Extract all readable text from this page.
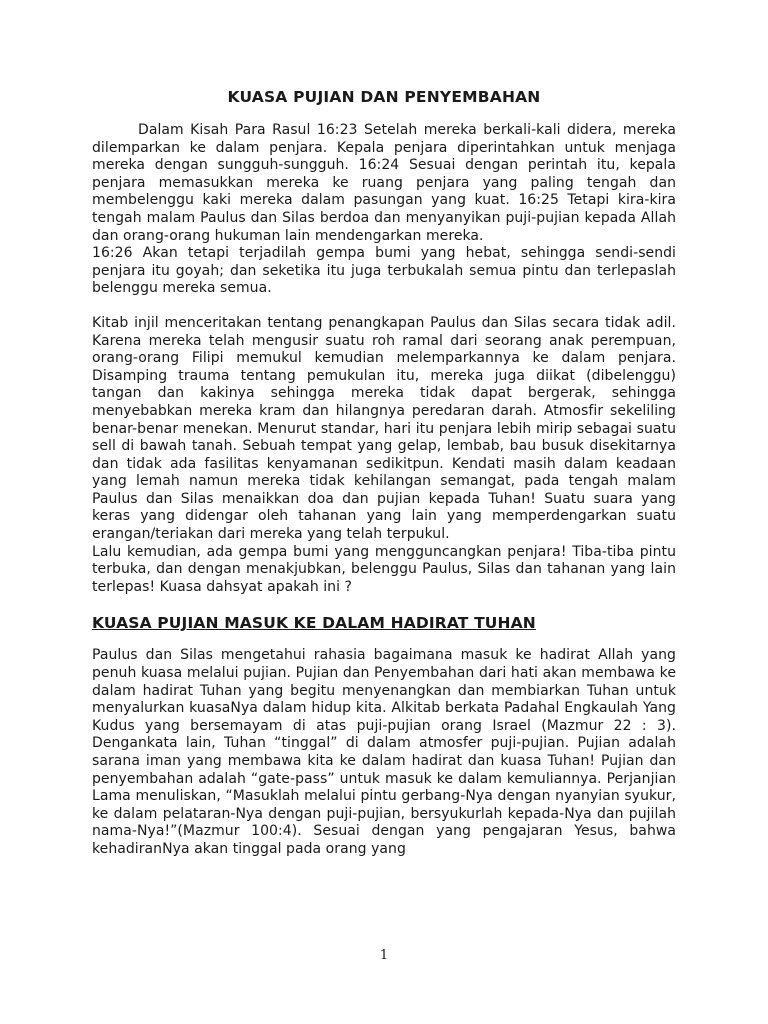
KUASA PUJIAN DAN PENYEMBAHAN

Dalam Kisah Para Rasul 16:23 Setelah mereka berkali-kali didera, mereka dilemparkan ke dalam penjara. Kepala penjara diperintahkan untuk menjaga mereka dengan sungguh-sungguh. 16:24 Sesuai dengan perintah itu, kepala penjara memasukkan mereka ke ruang penjara yang paling tengah dan membelenggu kaki mereka dalam pasungan yang kuat. 16:25 Tetapi kira-kira tengah malam Paulus dan Silas berdoa dan menyanyikan puji-pujian kepada Allah dan orang-orang hukuman lain mendengarkan mereka.

16:26 Akan tetapi terjadilah gempa bumi yang hebat, sehingga sendi-sendi penjara itu goyah; dan seketika itu juga terbukalah semua pintu dan terlepaslah belenggu mereka semua.

Kitab injil menceritakan tentang penangkapan Paulus dan Silas secara tidak adil. Karena mereka telah mengusir suatu roh ramal dari seorang anak perempuan, orang-orang Filipi memukul kemudian melemparkannya ke dalam penjara. Disamping trauma tentang pemukulan itu, mereka juga diikat (dibelenggu) tangan dan kakinya sehingga mereka tidak dapat bergerak, sehingga menyebabkan mereka kram dan hilangnya peredaran darah. Atmosfir sekeliling benar-benar menekan. Menurut standar, hari itu penjara lebih mirip sebagai suatu sell di bawah tanah. Sebuah tempat yang gelap, lembab, bau busuk disekitarnya dan tidak ada fasilitas kenyamanan sedikitpun. Kendati masih dalam keadaan yang lemah namun mereka tidak kehilangan semangat, pada tengah malam Paulus dan Silas menaikkan doa dan pujian kepada Tuhan! Suatu suara yang keras yang didengar oleh tahanan yang lain yang memperdengarkan suatu erangan/teriakan dari mereka yang telah terpukul.

Lalu kemudian, ada gempa bumi yang mengguncangkan penjara! Tiba-tiba pintu terbuka, dan dengan menakjubkan, belenggu Paulus, Silas dan tahanan yang lain terlepas! Kuasa dahsyat apakah ini ?

KUASA PUJIAN MASUK KE DALAM HADIRAT TUHAN

Paulus dan Silas mengetahui rahasia bagaimana masuk ke hadirat Allah yang penuh kuasa melalui pujian. Pujian dan Penyembahan dari hati akan membawa ke dalam hadirat Tuhan yang begitu menyenangkan dan membiarkan Tuhan untuk menyalurkan kuasaNya dalam hidup kita. Alkitab berkata Padahal Engkaulah Yang Kudus yang bersemayam di atas puji-pujian orang Israel (Mazmur 22 : 3). Dengankata lain, Tuhan “tinggal” di dalam atmosfer puji-pujian. Pujian adalah sarana iman yang membawa kita ke dalam hadirat dan kuasa Tuhan! Pujian dan penyembahan adalah “gate-pass” untuk masuk ke dalam kemuliannya. Perjanjian Lama menuliskan, “Masuklah melalui pintu gerbang-Nya dengan nyanyian syukur, ke dalam pelataran-Nya dengan puji-pujian, bersyukurlah kepada-Nya dan pujilah nama-Nya!”(Mazmur 100:4). Sesuai dengan yang pengajaran Yesus, bahwa kehadiranNya akan tinggal pada orang yang

1
